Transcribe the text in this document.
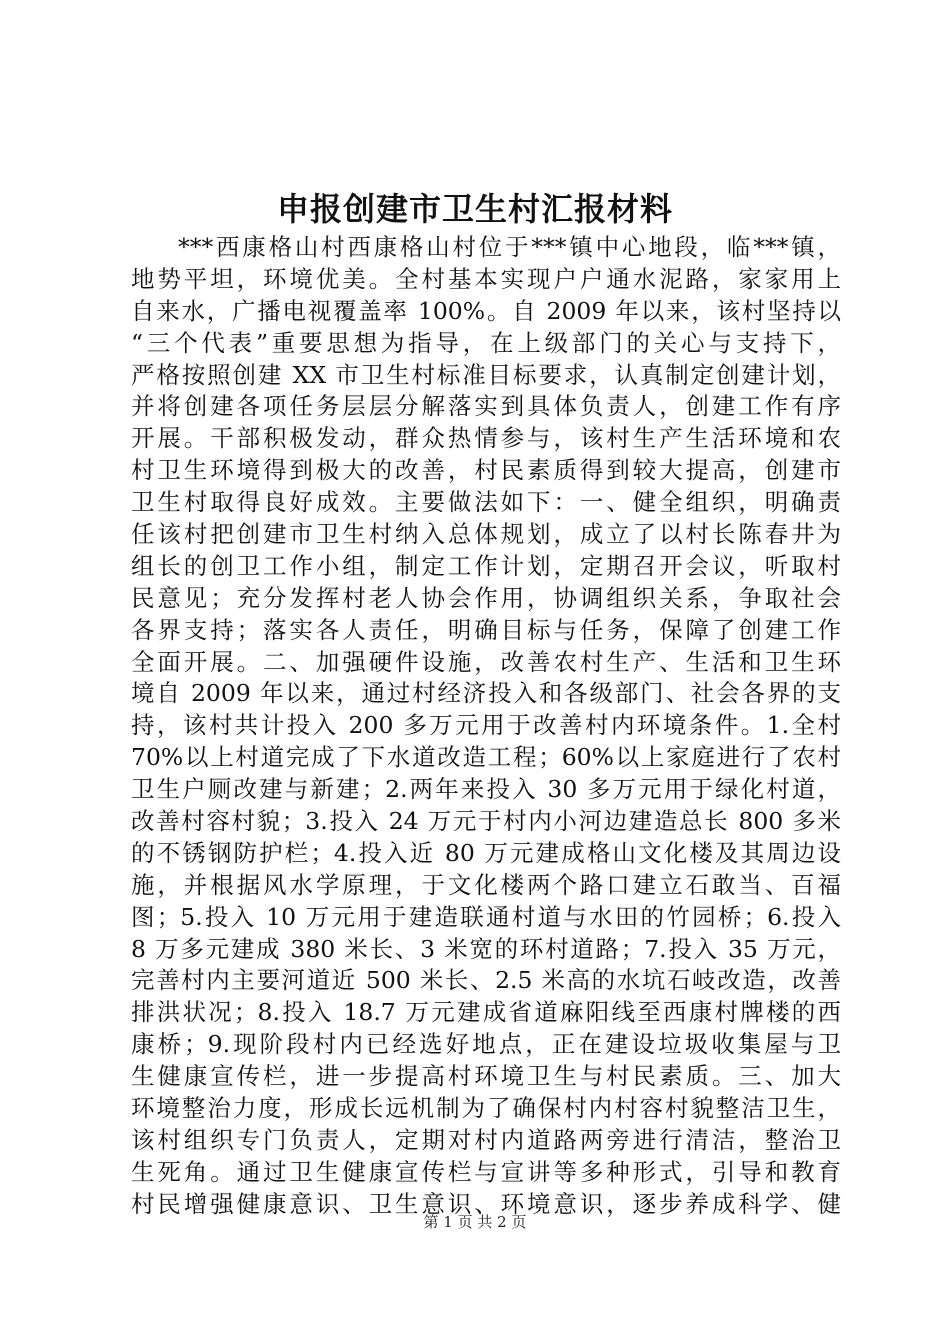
申报创建市卫生村汇报材料
***西康格山村西康格山村位于***镇中心地段，临***镇，
地势平坦，环境优美。全村基本实现户户通水泥路，家家用上
自来水，广播电视覆盖率 100%。自 2009 年以来，该村坚持以
“三个代表”重要思想为指导，在上级部门的关心与支持下，
严格按照创建 XX 市卫生村标准目标要求，认真制定创建计划，
并将创建各项任务层层分解落实到具体负责人，创建工作有序
开展。干部积极发动，群众热情参与，该村生产生活环境和农
村卫生环境得到极大的改善，村民素质得到较大提高，创建市
卫生村取得良好成效。主要做法如下：一、健全组织，明确责
任该村把创建市卫生村纳入总体规划，成立了以村长陈春井为
组长的创卫工作小组，制定工作计划，定期召开会议，听取村
民意见；充分发挥村老人协会作用，协调组织关系，争取社会
各界支持；落实各人责任，明确目标与任务，保障了创建工作
全面开展。二、加强硬件设施，改善农村生产、生活和卫生环
境自 2009 年以来，通过村经济投入和各级部门、社会各界的支
持，该村共计投入 200 多万元用于改善村内环境条件。1.全村
70%以上村道完成了下水道改造工程；60%以上家庭进行了农村
卫生户厕改建与新建；2.两年来投入 30 多万元用于绿化村道，
改善村容村貌；3.投入 24 万元于村内小河边建造总长 800 多米
的不锈钢防护栏；4.投入近 80 万元建成格山文化楼及其周边设
施，并根据风水学原理，于文化楼两个路口建立石敢当、百福
图；5.投入 10 万元用于建造联通村道与水田的竹园桥；6.投入
8 万多元建成 380 米长、3 米宽的环村道路；7.投入 35 万元，
完善村内主要河道近 500 米长、2.5 米高的水坑石岐改造，改善
排洪状况；8.投入 18.7 万元建成省道麻阳线至西康村牌楼的西
康桥；9.现阶段村内已经选好地点，正在建设垃圾收集屋与卫
生健康宣传栏，进一步提高村环境卫生与村民素质。三、加大
环境整治力度，形成长远机制为了确保村内村容村貌整洁卫生，
该村组织专门负责人，定期对村内道路两旁进行清洁，整治卫
生死角。通过卫生健康宣传栏与宣讲等多种形式，引导和教育
村民增强健康意识、卫生意识、环境意识，逐步养成科学、健
第 1 页 共 2 页
